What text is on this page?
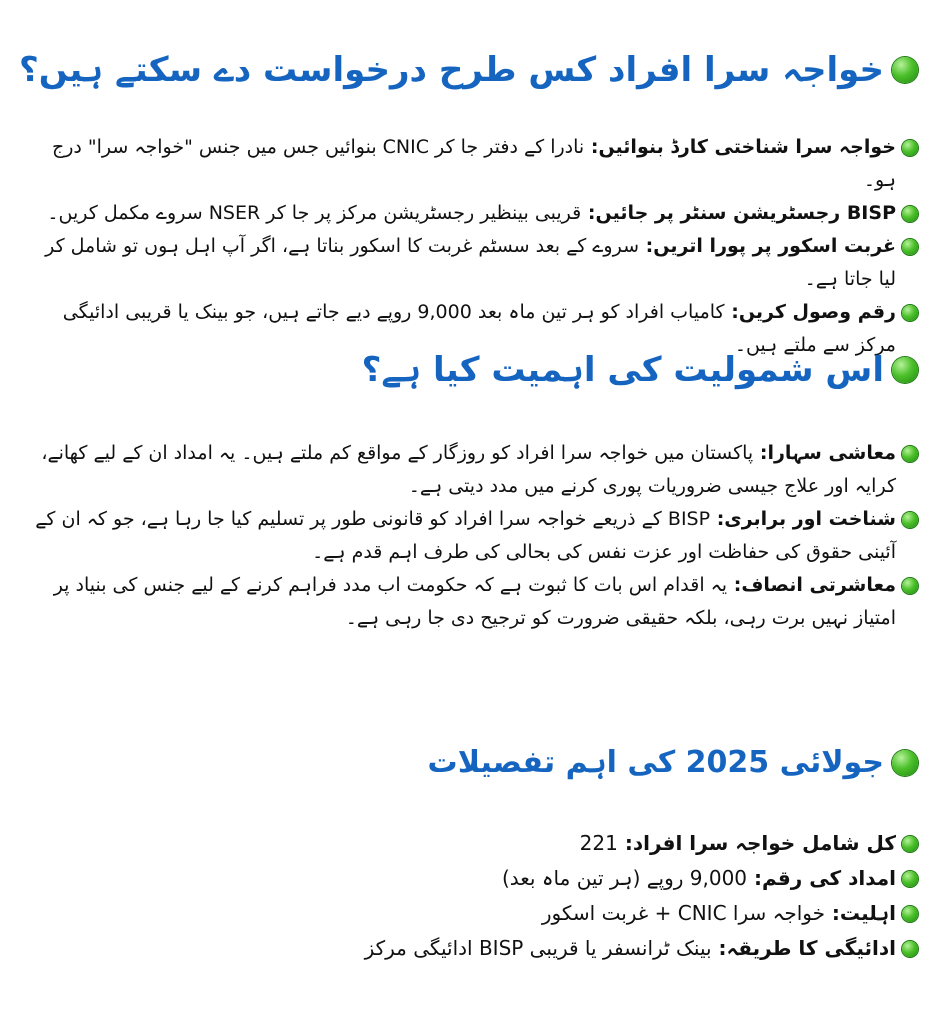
خواجہ سرا افراد کس طرح درخواست دے سکتے ہیں؟
خواجہ سرا شناختی کارڈ بنوائیں: نادرا کے دفتر جا کر CNIC بنوائیں جس میں جنس "خواجہ سرا" درج ہو۔
BISP رجسٹریشن سنٹر پر جائیں: قریبی بینظیر رجسٹریشن مرکز پر جا کر NSER سروے مکمل کریں۔
غربت اسکور پر پورا اتریں: سروے کے بعد سسٹم غربت کا اسکور بناتا ہے، اگر آپ اہل ہوں تو شامل کر لیا جاتا ہے۔
رقم وصول کریں: کامیاب افراد کو ہر تین ماہ بعد 9,000 روپے دیے جاتے ہیں، جو بینک یا قریبی ادائیگی مرکز سے ملتے ہیں۔
اس شمولیت کی اہمیت کیا ہے؟
معاشی سہارا: پاکستان میں خواجہ سرا افراد کو روزگار کے مواقع کم ملتے ہیں۔ یہ امداد ان کے لیے کھانے، کرایہ اور علاج جیسی ضروریات پوری کرنے میں مدد دیتی ہے۔
شناخت اور برابری: BISP کے ذریعے خواجہ سرا افراد کو قانونی طور پر تسلیم کیا جا رہا ہے، جو کہ ان کے آئینی حقوق کی حفاظت اور عزت نفس کی بحالی کی طرف اہم قدم ہے۔
معاشرتی انصاف: یہ اقدام اس بات کا ثبوت ہے کہ حکومت اب مدد فراہم کرنے کے لیے جنس کی بنیاد پر امتیاز نہیں برت رہی، بلکہ حقیقی ضرورت کو ترجیح دی جا رہی ہے۔
جولائی 2025 کی اہم تفصیلات
کل شامل خواجہ سرا افراد: 221
امداد کی رقم: 9,000 روپے (ہر تین ماہ بعد)
اہلیت: خواجہ سرا CNIC + غربت اسکور
ادائیگی کا طریقہ: بینک ٹرانسفر یا قریبی BISP ادائیگی مرکز
